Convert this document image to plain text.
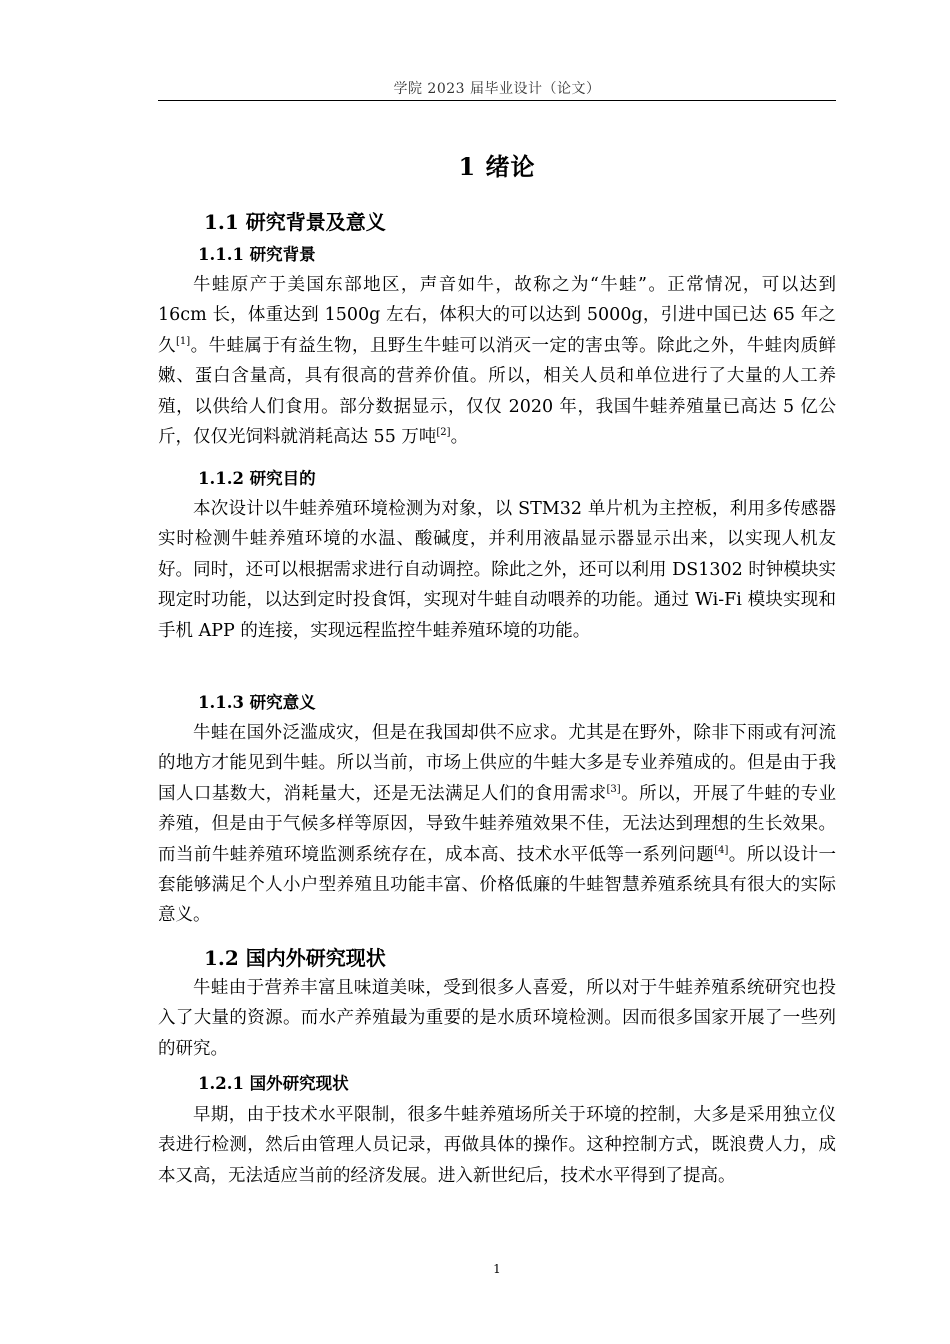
学院 2023 届毕业设计（论文）
1 绪论
1.1 研究背景及意义
1.1.1 研究背景

牛蛙原产于美国东部地区，声音如牛，故称之为“牛蛙”。正常情况，可以达到 16cm 长，体重达到 1500g 左右，体积大的可以达到 5000g，引进中国已达 65 年之久[1]。牛蛙属于有益生物，且野生牛蛙可以消灭一定的害虫等。除此之外，牛蛙肉质鲜嫩、蛋白含量高，具有很高的营养价值。所以，相关人员和单位进行了大量的人工养殖，以供给人们食用。部分数据显示，仅仅 2020 年，我国牛蛙养殖量已高达 5 亿公斤，仅仅光饲料就消耗高达 55 万吨[2]。

1.1.2 研究目的

本次设计以牛蛙养殖环境检测为对象，以 STM32 单片机为主控板，利用多传感器实时检测牛蛙养殖环境的水温、酸碱度，并利用液晶显示器显示出来，以实现人机友好。同时，还可以根据需求进行自动调控。除此之外，还可以利用 DS1302 时钟模块实现定时功能，以达到定时投食饵，实现对牛蛙自动喂养的功能。通过 Wi-Fi 模块实现和手机 APP 的连接，实现远程监控牛蛙养殖环境的功能。

1.1.3 研究意义

牛蛙在国外泛滥成灾，但是在我国却供不应求。尤其是在野外，除非下雨或有河流的地方才能见到牛蛙。所以当前，市场上供应的牛蛙大多是专业养殖成的。但是由于我国人口基数大，消耗量大，还是无法满足人们的食用需求[3]。所以，开展了牛蛙的专业养殖，但是由于气候多样等原因，导致牛蛙养殖效果不佳，无法达到理想的生长效果。而当前牛蛙养殖环境监测系统存在，成本高、技术水平低等一系列问题[4]。所以设计一套能够满足个人小户型养殖且功能丰富、价格低廉的牛蛙智慧养殖系统具有很大的实际意义。

1.2 国内外研究现状

牛蛙由于营养丰富且味道美味，受到很多人喜爱，所以对于牛蛙养殖系统研究也投入了大量的资源。而水产养殖最为重要的是水质环境检测。因而很多国家开展了一些列的研究。

1.2.1 国外研究现状

早期，由于技术水平限制，很多牛蛙养殖场所关于环境的控制，大多是采用独立仪表进行检测，然后由管理人员记录，再做具体的操作。这种控制方式，既浪费人力，成本又高，无法适应当前的经济发展。进入新世纪后，技术水平得到了提高。

1
